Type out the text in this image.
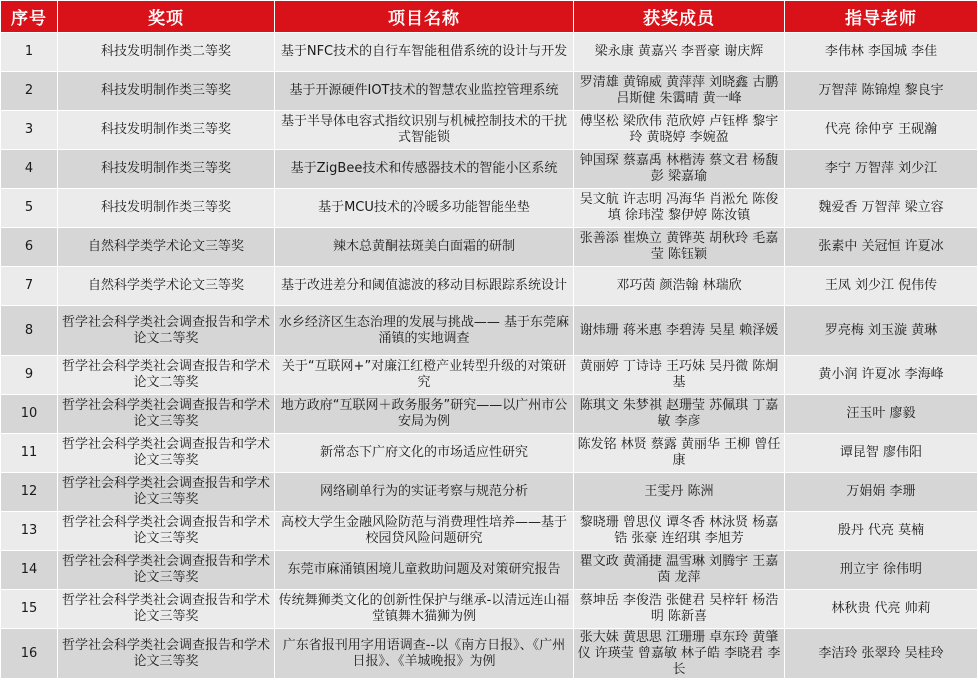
序号	奖项	项目名称	获奖成员	指导老师
1	科技发明制作类二等奖	基于NFC技术的自行车智能租借系统的设计与开发	梁永康 黄嘉兴 李晋豪 谢庆辉	李伟林 李国城 李佳
2	科技发明制作类三等奖	基于开源硬件IOT技术的智慧农业监控管理系统	罗清雄 黄锦威 黄萍萍 刘晓鑫 古鹏 吕斯健 朱霭晴 黄一峰	万智萍 陈锦煌 黎良宇
3	科技发明制作类三等奖	基于半导体电容式指纹识别与机械控制技术的干扰式智能锁	傅坚松 梁欣伟 范欣婷 卢钰桦 黎宇玲 黄晓婷 李婉盈	代亮 徐仲亨 王砚瀚
4	科技发明制作类三等奖	基于ZigBee技术和传感器技术的智能小区系统	钟国琛 蔡嘉禹 林楷涛 蔡文君 杨馥彭 梁嘉瑜	李宁 万智萍 刘少江
5	科技发明制作类三等奖	基于MCU技术的冷暖多功能智能坐垫	吴文航 许志明 冯海华 肖淞允 陈俊填 徐玮滢 黎伊婷 陈汝镇	魏爱香 万智萍 梁立容
6	自然科学类学术论文三等奖	辣木总黄酮祛斑美白面霜的研制	张善添 崔焕立 黄铧英 胡秋玲 毛嘉莹 陈钰颖	张素中 关冠恒 许夏冰
7	自然科学类学术论文三等奖	基于改进差分和阈值滤波的移动目标跟踪系统设计	邓巧茵 颜浩翰 林瑞欣	王凤 刘少江 倪伟传
8	哲学社会科学类社会调查报告和学术论文二等奖	水乡经济区生态治理的发展与挑战—— 基于东莞麻涌镇的实地调查	谢炜珊 蒋米惠 李碧涛 吴星 赖泽媛	罗亮梅 刘玉漩 黄琳
9	哲学社会科学类社会调查报告和学术论文二等奖	关于“互联网+”对廉江红橙产业转型升级的对策研究	黄丽婷 丁诗诗 王巧妹 吴丹微 陈炯基	黄小润 许夏冰 李海峰
10	哲学社会科学类社会调查报告和学术论文三等奖	地方政府“互联网＋政务服务”研究——以广州市公安局为例	陈琪文 朱梦祺 赵珊莹 苏佩琪 丁嘉敏 李彦	汪玉叶 廖毅
11	哲学社会科学类社会调查报告和学术论文三等奖	新常态下广府文化的市场适应性研究	陈发铭 林贤 蔡露 黄丽华 王柳 曾任康	谭昆智 廖伟阳
12	哲学社会科学类社会调查报告和学术论文三等奖	网络刷单行为的实证考察与规范分析	王雯丹 陈洲	万娟娟 李珊
13	哲学社会科学类社会调查报告和学术论文三等奖	高校大学生金融风险防范与消费理性培养——基于校园贷风险问题研究	黎晓珊 曾思仪 谭冬香 林泳贤 杨嘉锆 张豪 连绍琪 李旭芳	殷丹 代亮 莫楠
14	哲学社会科学类社会调查报告和学术论文三等奖	东莞市麻涌镇困境儿童救助问题及对策研究报告	瞿文政 黄涌捷 温雪琳 刘腾宇 王嘉茵 龙萍	刑立宇 徐伟明
15	哲学社会科学类社会调查报告和学术论文三等奖	传统舞狮类文化的创新性保护与继承-以清远连山福堂镇舞木猫狮为例	蔡坤岳 李俊浩 张健君 吴梓轩 杨浩明 陈新喜	林秋贵 代亮 帅莉
16	哲学社会科学类社会调查报告和学术论文三等奖	广东省报刊用字用语调查--以《南方日报》、《广州日报》、《羊城晚报》为例	张大妹 黄思思 江珊珊 卓东玲 黄肇仪 许瑛莹 曾嘉敏 林子皓 李晓君 李长	李洁玲 张翠玲 吴桂玲
